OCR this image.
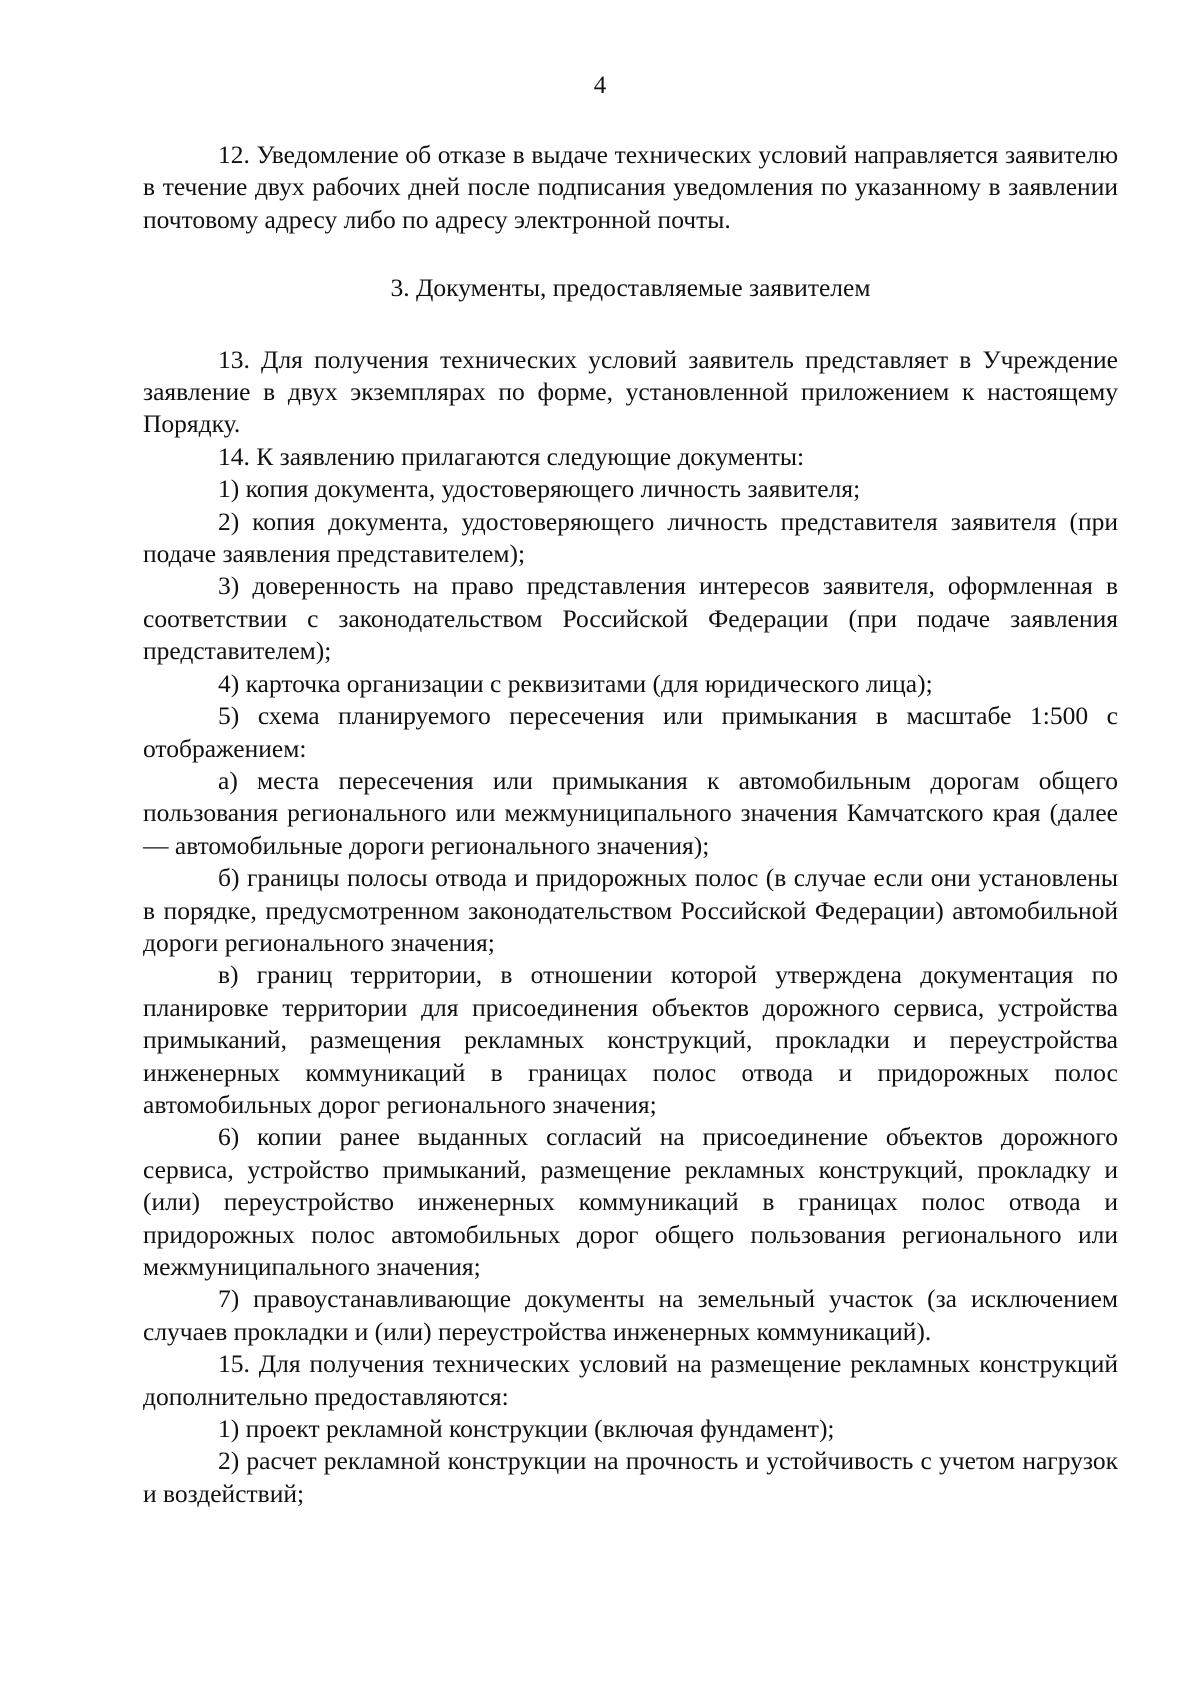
4

12. Уведомление об отказе в выдаче технических условий направляется заявителю в течение двух рабочих дней после подписания уведомления по указанному в заявлении почтовому адресу либо по адресу электронной почты.

3. Документы, предоставляемые заявителем

13. Для получения технических условий заявитель представляет в Учреждение заявление в двух экземплярах по форме, установленной приложением к настоящему Порядку.

14. К заявлению прилагаются следующие документы:

1) копия документа, удостоверяющего личность заявителя;

2) копия документа, удостоверяющего личность представителя заявителя (при подаче заявления представителем);

3) доверенность на право представления интересов заявителя, оформленная в соответствии с законодательством Российской Федерации (при подаче заявления представителем);

4) карточка организации с реквизитами (для юридического лица);

5) схема планируемого пересечения или примыкания в масштабе 1:500 с отображением:

а) места пересечения или примыкания к автомобильным дорогам общего пользования регионального или межмуниципального значения Камчатского края (далее — автомобильные дороги регионального значения);

б) границы полосы отвода и придорожных полос (в случае если они установлены в порядке, предусмотренном законодательством Российской Федерации) автомобильной дороги регионального значения;

в) границ территории, в отношении которой утверждена документация по планировке территории для присоединения объектов дорожного сервиса, устройства примыканий, размещения рекламных конструкций, прокладки и переустройства инженерных коммуникаций в границах полос отвода и придорожных полос автомобильных дорог регионального значения;

6) копии ранее выданных согласий на присоединение объектов дорожного сервиса, устройство примыканий, размещение рекламных конструкций, прокладку и (или) переустройство инженерных коммуникаций в границах полос отвода и придорожных полос автомобильных дорог общего пользования регионального или межмуниципального значения;

7) правоустанавливающие документы на земельный участок (за исключением случаев прокладки и (или) переустройства инженерных коммуникаций).

15. Для получения технических условий на размещение рекламных конструкций дополнительно предоставляются:

1) проект рекламной конструкции (включая фундамент);

2) расчет рекламной конструкции на прочность и устойчивость с учетом нагрузок и воздействий;
